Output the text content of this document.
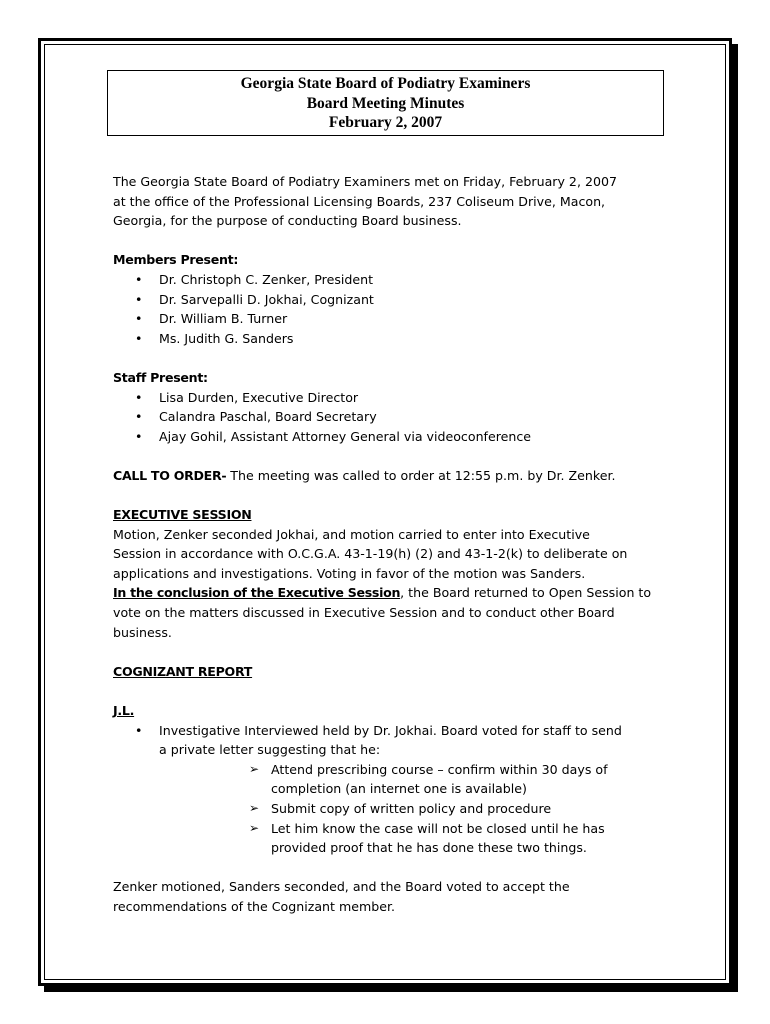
Georgia State Board of Podiatry Examiners
Board Meeting Minutes
February 2, 2007

The Georgia State Board of Podiatry Examiners met on Friday, February 2, 2007

at the office of the Professional Licensing Boards, 237 Coliseum Drive, Macon,

Georgia, for the purpose of conducting Board business.

Members Present:

• Dr. Christoph C. Zenker, President
• Dr. Sarvepalli D. Jokhai, Cognizant
• Dr. William B. Turner
• Ms. Judith G. Sanders

Staff Present:

• Lisa Durden, Executive Director
• Calandra Paschal, Board Secretary
• Ajay Gohil, Assistant Attorney General via videoconference

CALL TO ORDER- The meeting was called to order at 12:55 p.m. by Dr. Zenker.

EXECUTIVE SESSION

Motion, Zenker seconded Jokhai, and motion carried to enter into Executive

Session in accordance with O.C.G.A. 43-1-19(h) (2) and 43-1-2(k) to deliberate on

applications and investigations. Voting in favor of the motion was Sanders.

In the conclusion of the Executive Session, the Board returned to Open Session to

vote on the matters discussed in Executive Session and to conduct other Board

business.

COGNIZANT REPORT

J.L.

• Investigative Interviewed held by Dr. Jokhai. Board voted for staff to send
a private letter suggesting that he:
➢ Attend prescribing course – confirm within 30 days of
completion (an internet one is available)
➢ Submit copy of written policy and procedure
➢ Let him know the case will not be closed until he has
provided proof that he has done these two things.

Zenker motioned, Sanders seconded, and the Board voted to accept the

recommendations of the Cognizant member.
